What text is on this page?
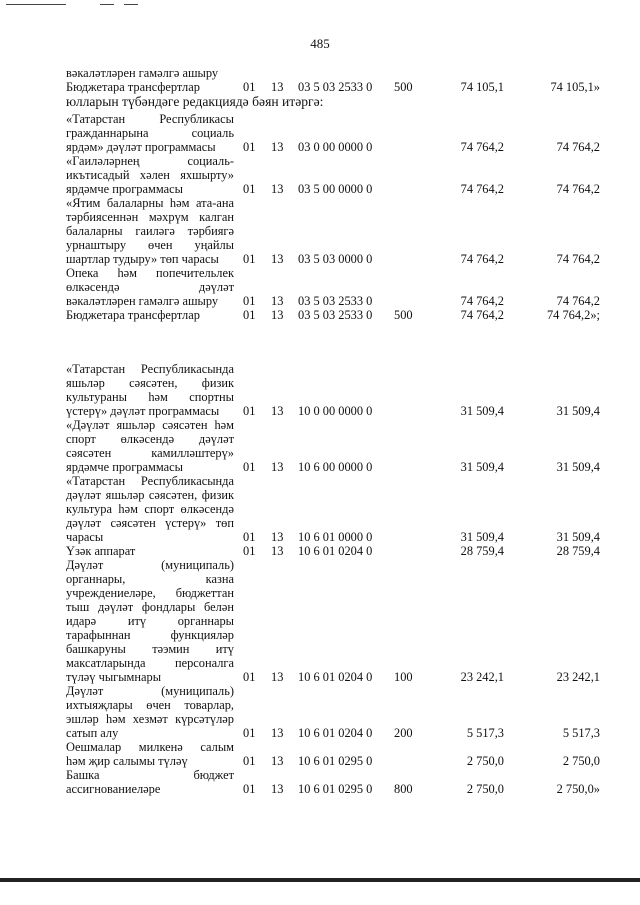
485
вәкаләтләрен гамәлгә ашыру
Бюджетара трансфертлар	01 13 03 5 03 2533 0 500	74 105,1	74 105,1»
юлларын түбәндәге редакциядә бәян итәргә:
«Татарстан Республикасы
гражданнарына социаль
ярдәм» дәүләт программасы	01 13 03 0 00 0000 0	74 764,2	74 764,2
«Гаиләләрнең социаль-
икътисадый хәлен яхшырту»
ярдәмче программасы	01 13 03 5 00 0000 0	74 764,2	74 764,2
«Ятим балаларны һәм ата-ана
тәрбиясеннән мәхрүм калган
балаларны гаиләгә тәрбиягә
урнаштыру өчен уңайлы
шартлар тудыру» төп чарасы	01 13 03 5 03 0000 0	74 764,2	74 764,2
Опека һәм попечительлек
өлкәсендә дәүләт
вәкаләтләрен гамәлгә ашыру	01 13 03 5 03 2533 0	74 764,2	74 764,2
Бюджетара трансфертлар	01 13 03 5 03 2533 0 500	74 764,2	74 764,2»;
«Татарстан Республикасында
яшьләр сәясәтен, физик
культураны һәм спортны
үстерү» дәүләт программасы	01 13 10 0 00 0000 0	31 509,4	31 509,4
«Дәүләт яшьләр сәясәтен һәм
спорт өлкәсендә дәүләт
сәясәтен камилләштерү»
ярдәмче программасы	01 13 10 6 00 0000 0	31 509,4	31 509,4
«Татарстан Республикасында
дәүләт яшьләр сәясәтен, физик
культура һәм спорт өлкәсендә
дәүләт сәясәтен үстерү» төп
чарасы	01 13 10 6 01 0000 0	31 509,4	31 509,4
Үзәк аппарат	01 13 10 6 01 0204 0	28 759,4	28 759,4
Дәүләт (муниципаль)
органнары, казна
учреждениеләре, бюджеттан
тыш дәүләт фондлары белән
идарә итү органнары
тарафыннан функцияләр
башкаруны тәэмин итү
максатларында персоналга
түләү чыгымнары	01 13 10 6 01 0204 0 100	23 242,1	23 242,1
Дәүләт (муниципаль)
ихтыяҗлары өчен товарлар,
эшләр һәм хезмәт күрсәтүләр
сатып алу	01 13 10 6 01 0204 0 200	5 517,3	5 517,3
Оешмалар милкенә салым
һәм җир салымы түләү	01 13 10 6 01 0295 0	2 750,0	2 750,0
Башка бюджет
ассигнованиеләре	01 13 10 6 01 0295 0 800	2 750,0	2 750,0»
